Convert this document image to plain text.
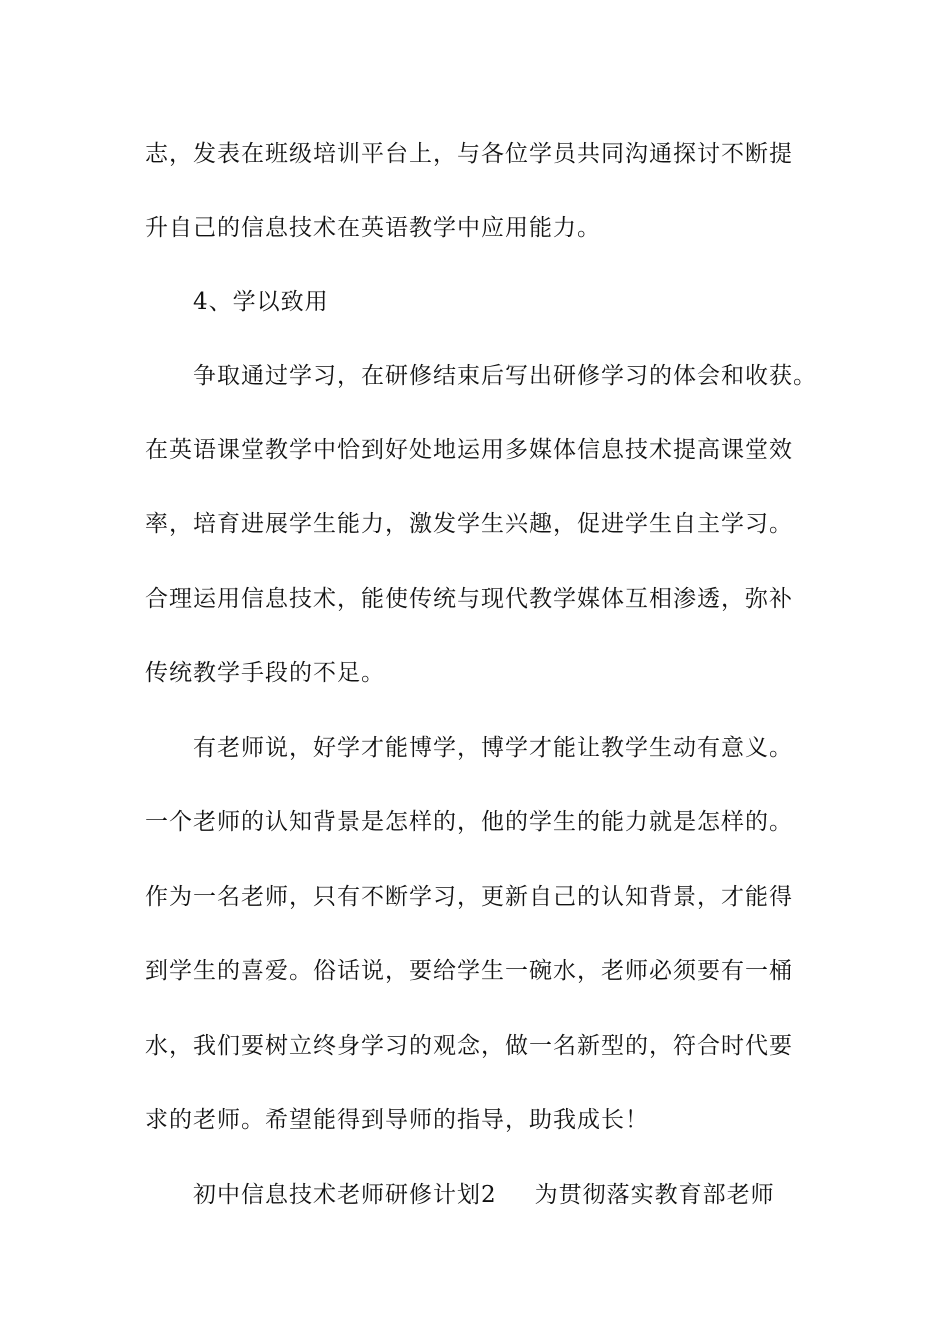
志，发表在班级培训平台上，与各位学员共同沟通探讨不断提
升自己的信息技术在英语教学中应用能力。
4、学以致用
争取通过学习，在研修结束后写出研修学习的体会和收获。
在英语课堂教学中恰到好处地运用多媒体信息技术提高课堂效
率，培育进展学生能力，激发学生兴趣，促进学生自主学习。
合理运用信息技术，能使传统与现代教学媒体互相渗透，弥补
传统教学手段的不足。
有老师说，好学才能博学，博学才能让教学生动有意义。
一个老师的认知背景是怎样的，他的学生的能力就是怎样的。
作为一名老师，只有不断学习，更新自己的认知背景，才能得
到学生的喜爱。俗话说，要给学生一碗水，老师必须要有一桶
水，我们要树立终身学习的观念，做一名新型的，符合时代要
求的老师。希望能得到导师的指导，助我成长！
初中信息技术老师研修计划2 为贯彻落实教育部老师
